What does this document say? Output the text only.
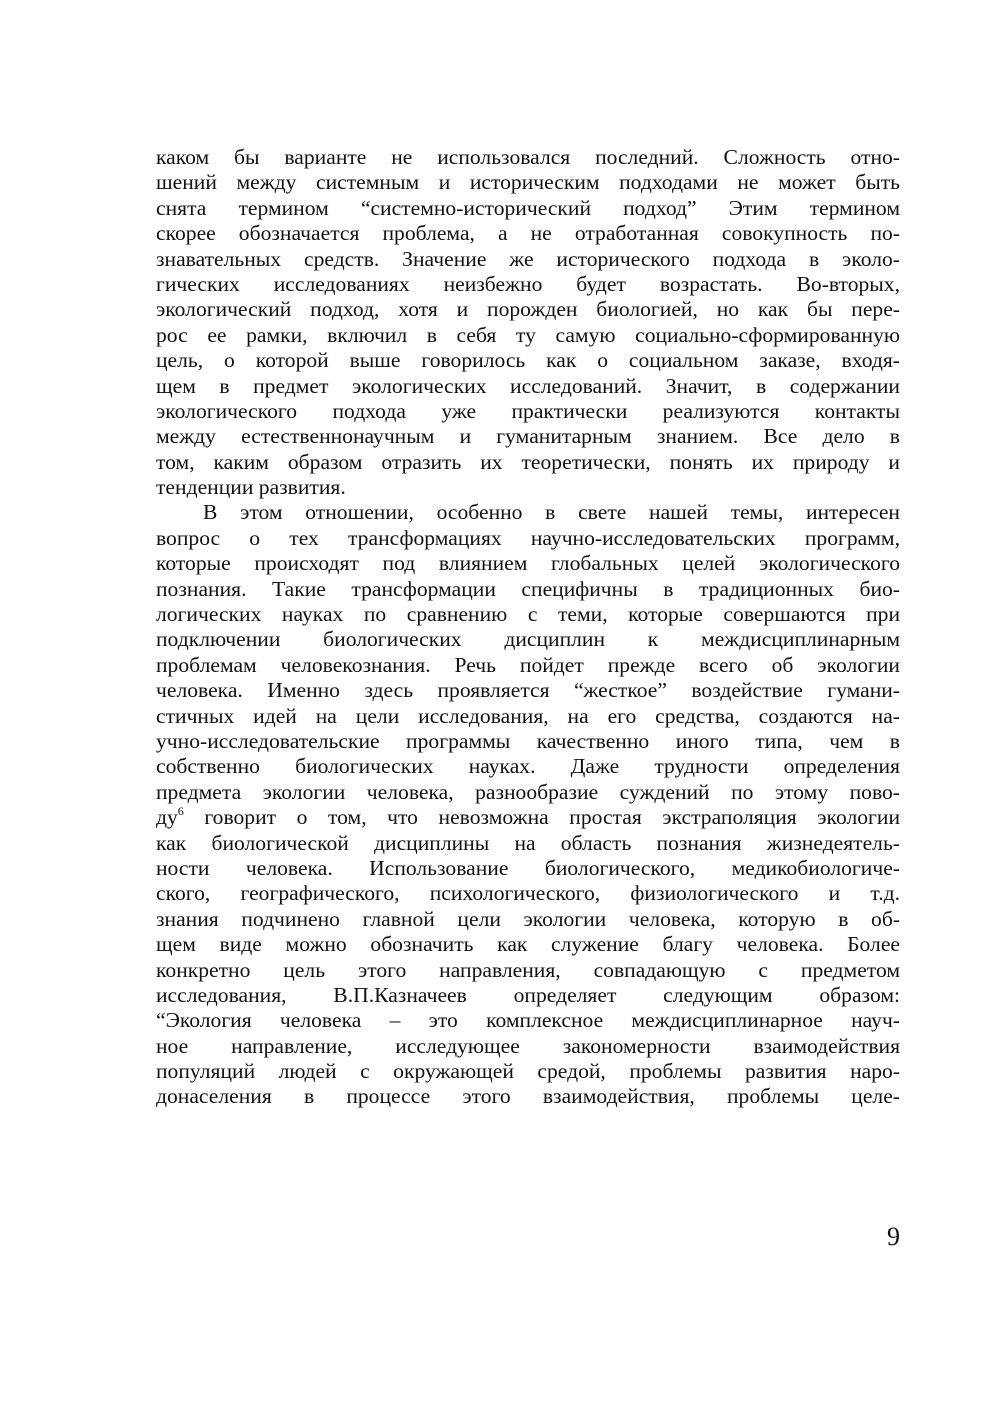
каком бы варианте не использовался последний. Сложность отно-
шений между системным и историческим подходами не может быть
снята термином “системно-исторический подход” Этим термином
скорее обозначается проблема, а не отработанная совокупность по-
знавательных средств. Значение же исторического подхода в эколо-
гических исследованиях неизбежно будет возрастать. Во-вторых,
экологический подход, хотя и порожден биологией, но как бы пере-
рос ее рамки, включил в себя ту самую социально-сформированную
цель, о которой выше говорилось как о социальном заказе, входя-
щем в предмет экологических исследований. Значит, в содержании
экологического подхода уже практически реализуются контакты
между естественнонаучным и гуманитарным знанием. Все дело в
том, каким образом отразить их теоретически, понять их природу и
тенденции развития.
В этом отношении, особенно в свете нашей темы, интересен
вопрос о тех трансформациях научно-исследовательских программ,
которые происходят под влиянием глобальных целей экологического
познания. Такие трансформации специфичны в традиционных био-
логических науках по сравнению с теми, которые совершаются при
подключении биологических дисциплин к междисциплинарным
проблемам человекознания. Речь пойдет прежде всего об экологии
человека. Именно здесь проявляется “жесткое” воздействие гумани-
стичных идей на цели исследования, на его средства, создаются на-
учно-исследовательские программы качественно иного типа, чем в
собственно биологических науках. Даже трудности определения
предмета экологии человека, разнообразие суждений по этому пово-
$ду^6$ говорит о том, что невозможна простая экстраполяция экологии
как биологической дисциплины на область познания жизнедеятель-
ности человека. Использование биологического, медикобиологиче-
ского, географического, психологического, физиологического и т.д.
знания подчинено главной цели экологии человека, которую в об-
щем виде можно обозначить как служение благу человека. Более
конкретно цель этого направления, совпадающую с предметом
исследования, В.П.Казначеев определяет следующим образом:
“Экология человека – это комплексное междисциплинарное науч-
ное направление, исследующее закономерности взаимодействия
популяций людей с окружающей средой, проблемы развития наро-
донаселения в процессе этого взаимодействия, проблемы целе-
9
